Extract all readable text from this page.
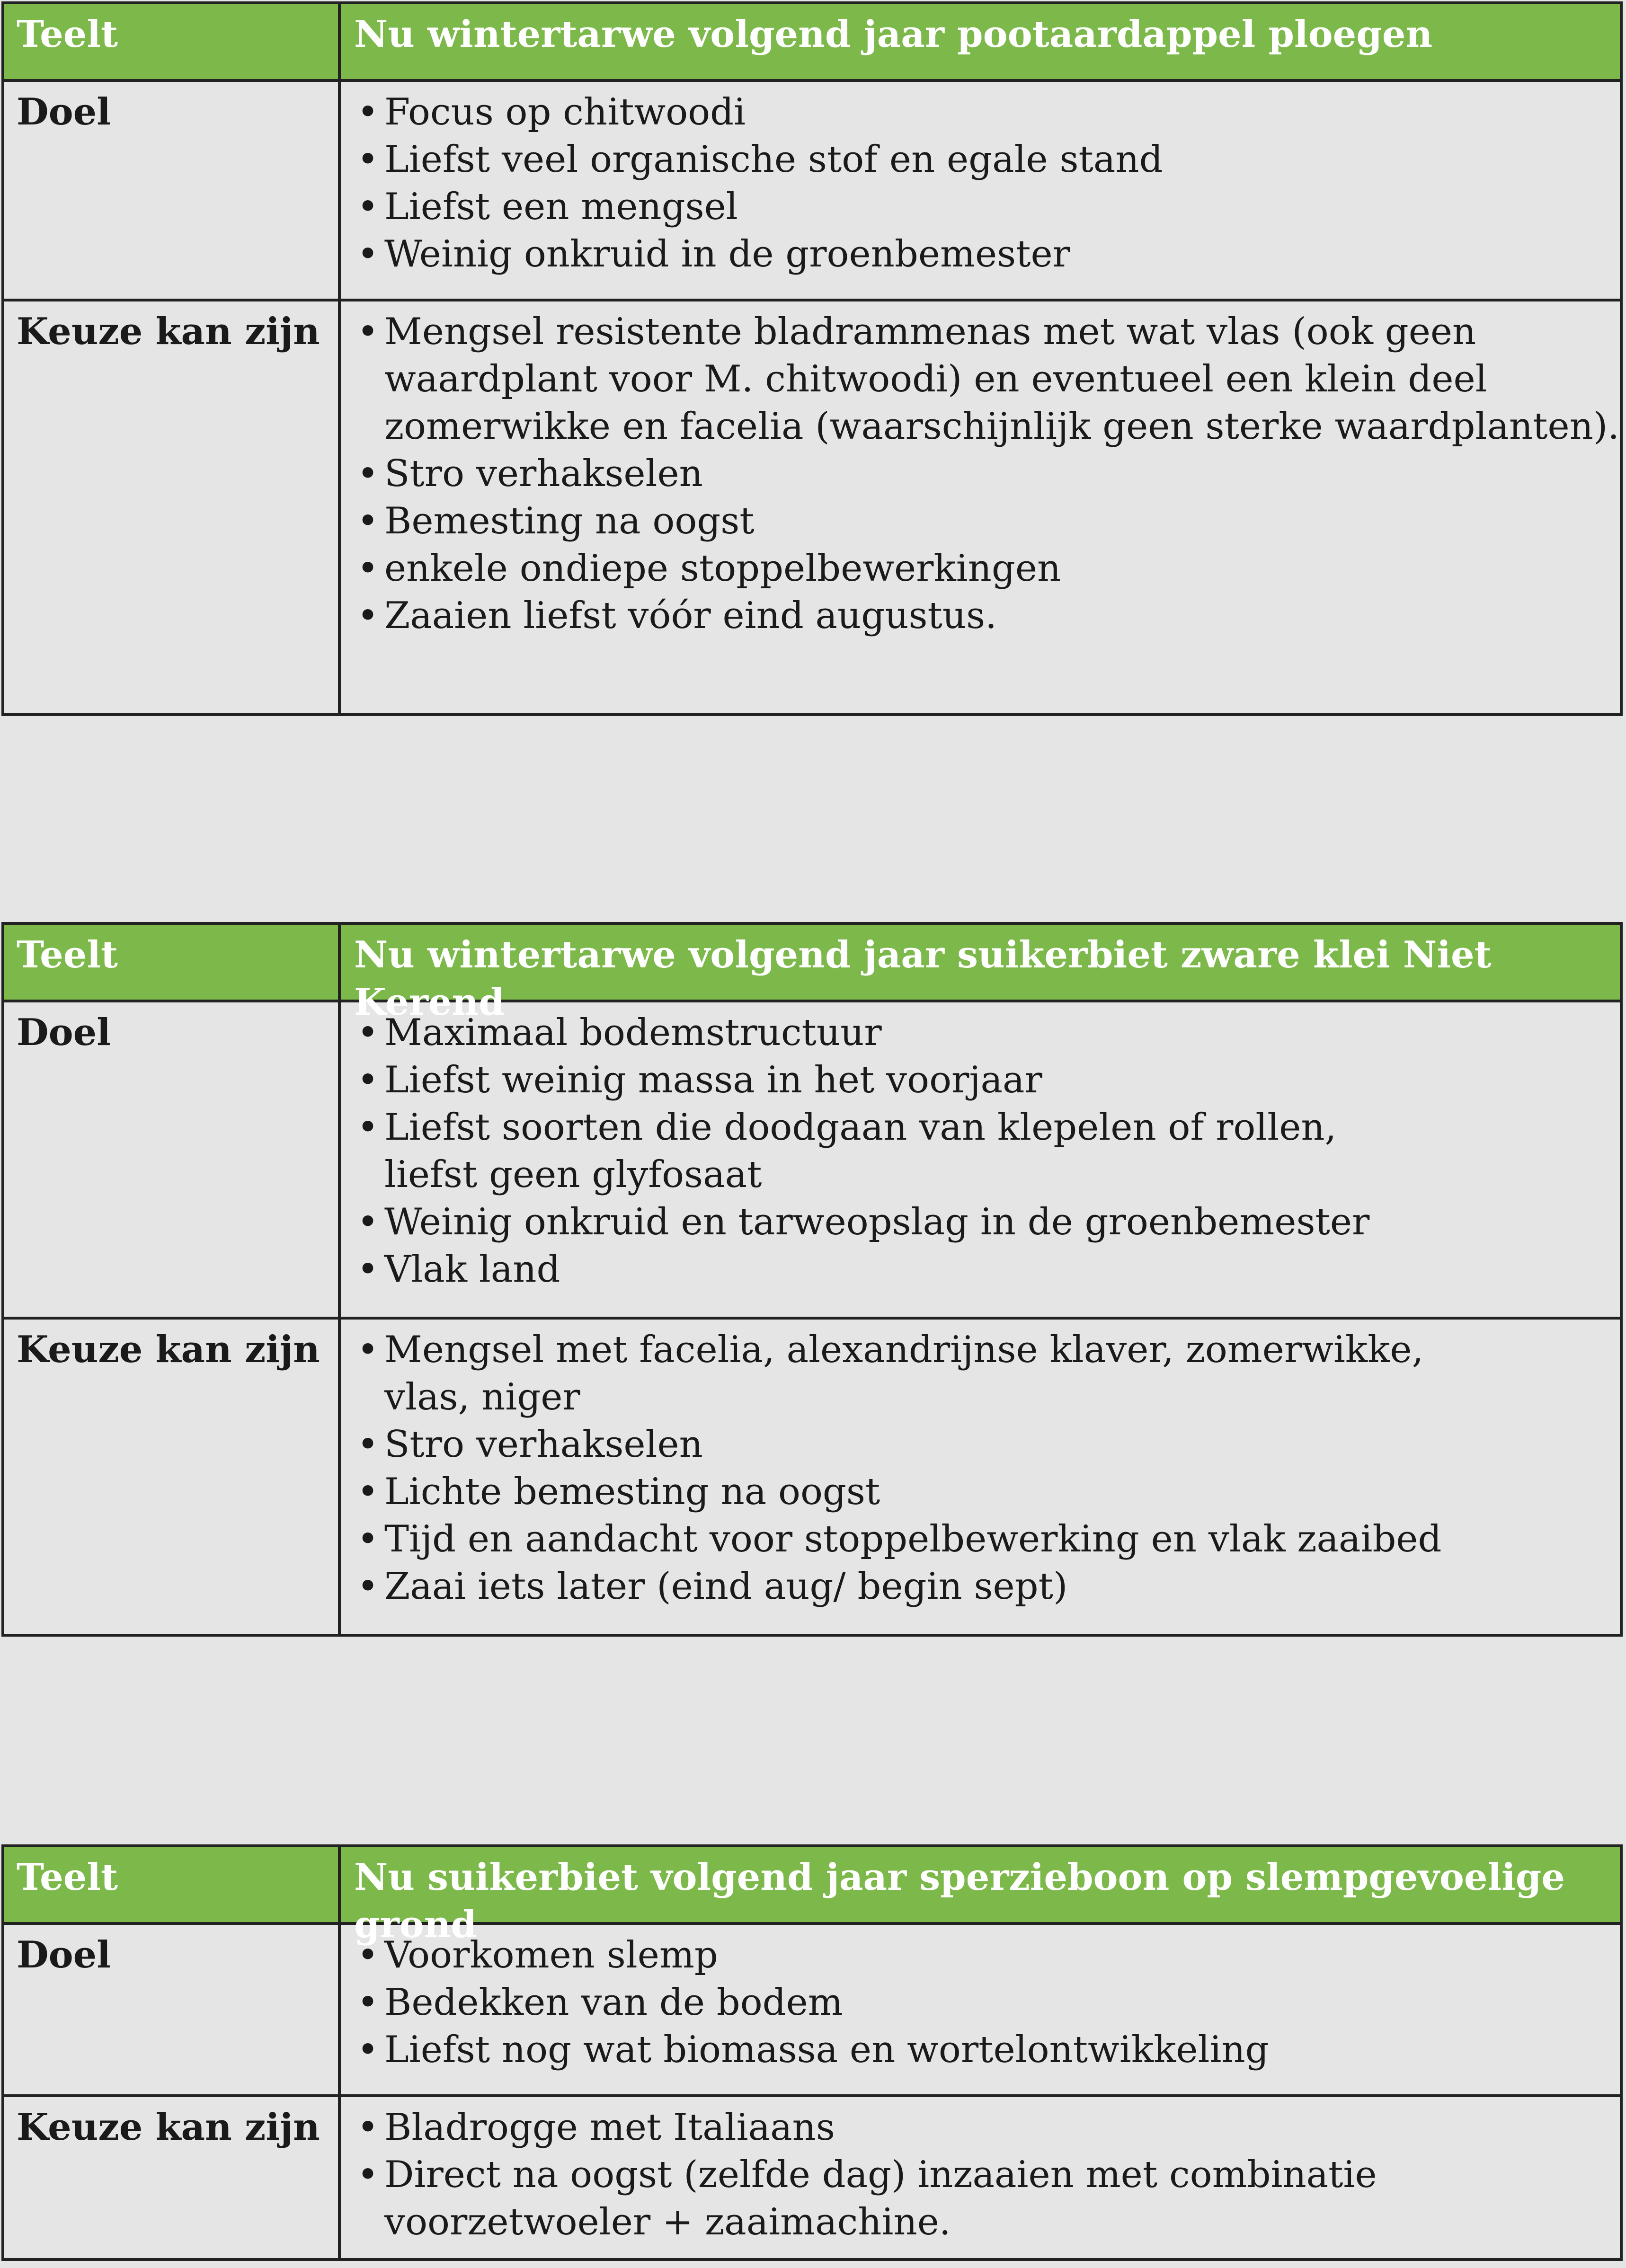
Teelt	Nu wintertarwe volgend jaar pootaardappel ploegen
Doel	• Focus op chitwoodi
• Liefst veel organische stof en egale stand
• Liefst een mengsel
• Weinig onkruid in de groenbemester
Keuze kan zijn	• Mengsel resistente bladrammenas met wat vlas (ook geen
waardplant voor M. chitwoodi) en eventueel een klein deel
zomerwikke en facelia (waarschijnlijk geen sterke waardplanten).
• Stro verhakselen
• Bemesting na oogst
• enkele ondiepe stoppelbewerkingen
• Zaaien liefst vóór eind augustus.
Teelt	Nu wintertarwe volgend jaar suikerbiet zware klei Niet Kerend
Doel	• Maximaal bodemstructuur
• Liefst weinig massa in het voorjaar
• Liefst soorten die doodgaan van klepelen of rollen,
liefst geen glyfosaat
• Weinig onkruid en tarweopslag in de groenbemester
• Vlak land
Keuze kan zijn	• Mengsel met facelia, alexandrijnse klaver, zomerwikke,
vlas, niger
• Stro verhakselen
• Lichte bemesting na oogst
• Tijd en aandacht voor stoppelbewerking en vlak zaaibed
• Zaai iets later (eind aug/ begin sept)
Teelt	Nu suikerbiet volgend jaar sperzieboon op slempgevoelige grond
Doel	• Voorkomen slemp
• Bedekken van de bodem
• Liefst nog wat biomassa en wortelontwikkeling
Keuze kan zijn	• Bladrogge met Italiaans
• Direct na oogst (zelfde dag) inzaaien met combinatie
voorzetwoeler + zaaimachine.
